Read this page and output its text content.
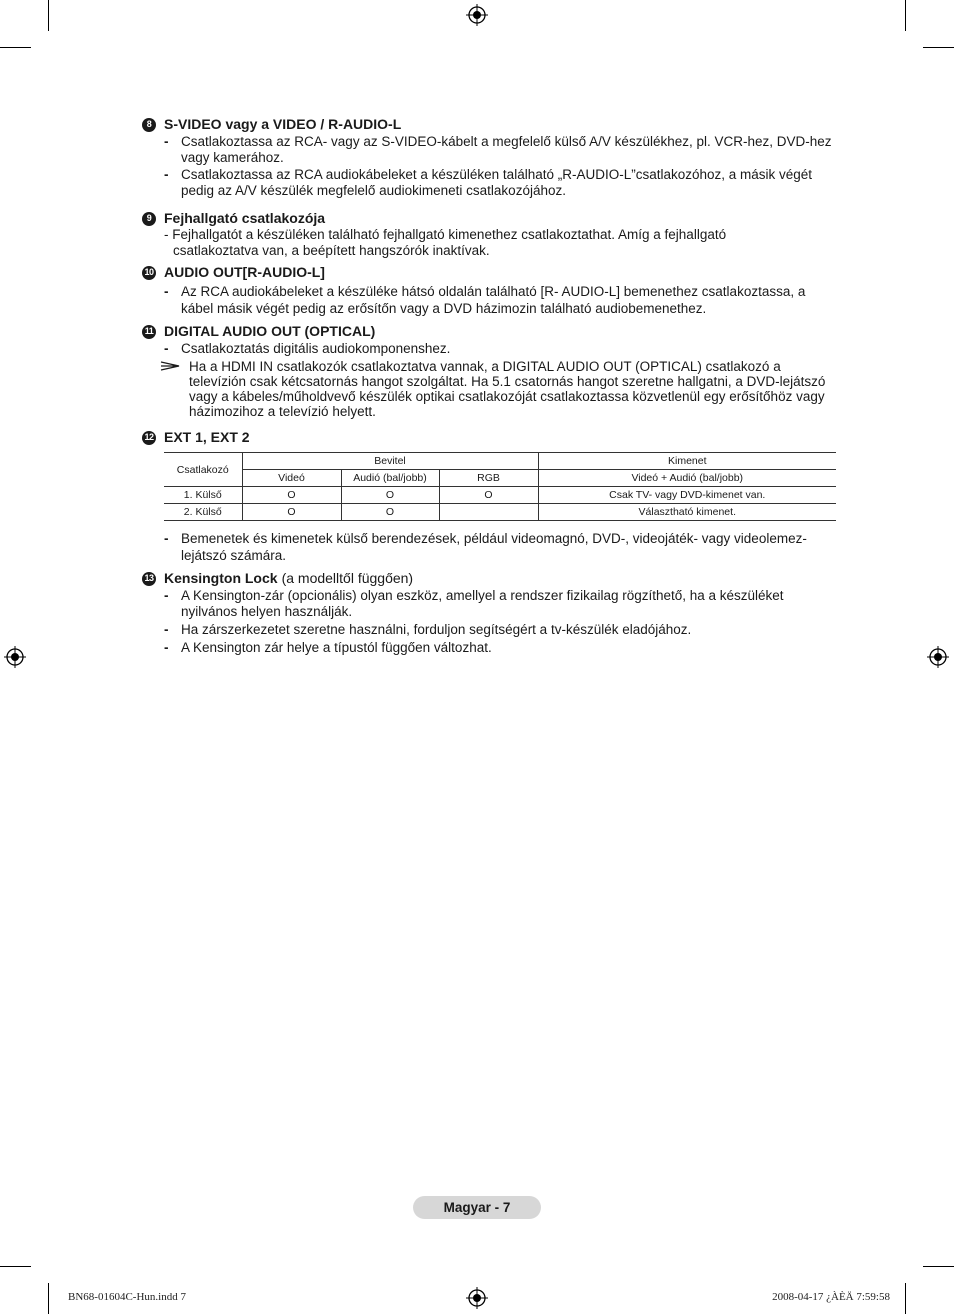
8 S-VIDEO vagy a VIDEO / R-AUDIO-L
- Csatlakoztassa az RCA- vagy az S-VIDEO-kábelt a megfelelő külső A/V készülékhez, pl. VCR-hez, DVD-hez vagy kamerához.
- Csatlakoztassa az RCA audiokábeleket a készüléken található „R-AUDIO-L”csatlakozóhoz, a másik végét pedig az A/V készülék megfelelő audiokimeneti csatlakozójához.
9 Fejhallgató csatlakozója
- Fejhallgatót a készüléken található fejhallgató kimenethez csatlakoztathat. Amíg a fejhallgató
csatlakoztatva van, a beépített hangszórók inaktívak.
10 AUDIO OUT[R-AUDIO-L]
- Az RCA audiokábeleket a készüléke hátsó oldalán található [R- AUDIO-L] bemenethez csatlakoztassa, a kábel másik végét pedig az erősítőn vagy a DVD házimozin található audiobemenethez.
11 DIGITAL AUDIO OUT (OPTICAL)
- Csatlakoztatás digitális audiokomponenshez.
Ha a HDMI IN csatlakozók csatlakoztatva vannak, a DIGITAL AUDIO OUT (OPTICAL) csatlakozó a televízión csak kétcsatornás hangot szolgáltat. Ha 5.1 csatornás hangot szeretne hallgatni, a DVD-lejátszó vagy a kábeles/műholdvevő készülék optikai csatlakozóját csatlakoztassa közvetlenül egy erősítőhöz vagy házimozihoz a televízió helyett.
12 EXT 1, EXT 2
Csatlakozó	Bevitel			Kimenet
	Videó	Audió (bal/jobb)	RGB	Videó + Audió (bal/jobb)
1. Külső	O	O	O	Csak TV- vagy DVD-kimenet van.
2. Külső	O	O		Választható kimenet.
- Bemenetek és kimenetek külső berendezések, például videomagnó, DVD-, videojáték- vagy videolemez-lejátszó számára.
13 Kensington Lock (a modelltől függően)
- A Kensington-zár (opcionális) olyan eszköz, amellyel a rendszer fizikailag rögzíthető, ha a készüléket nyilvános helyen használják.
- Ha zárszerkezetet szeretne használni, forduljon segítségért a tv-készülék eladójához.
- A Kensington zár helye a típustól függően változhat.
Magyar - 7
BN68-01604C-Hun.indd 7	2008-04-17 ¿ÀÈÄ 7:59:58
